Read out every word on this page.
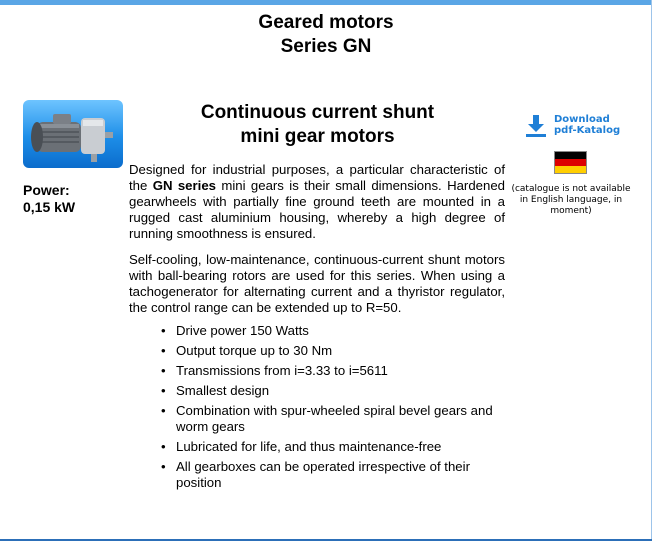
Geared motors
Series GN
Power:
0,15 kW
Continuous current shunt
mini gear motors

Designed for industrial purposes, a particular characteristic of the GN series mini gears is their small dimensions. Hardened gearwheels with partially fine ground teeth are mounted in a rugged cast aluminium housing, whereby a high degree of running smoothness is ensured.

Self-cooling, low-maintenance, continuous-current shunt motors with ball-bearing rotors are used for this series. When using a tachogenerator for alternating current and a thyristor regulator, the control range can be extended up to R=50.

• Drive power 150 Watts
• Output torque up to 30 Nm
• Transmissions from i=3.33 to i=5611
• Smallest design
• Combination with spur-wheeled spiral bevel gears and worm gears
• Lubricated for life, and thus maintenance-free
• All gearboxes can be operated irrespective of their position
Download
pdf-Katalog
(catalogue is not available in English language, in moment)
